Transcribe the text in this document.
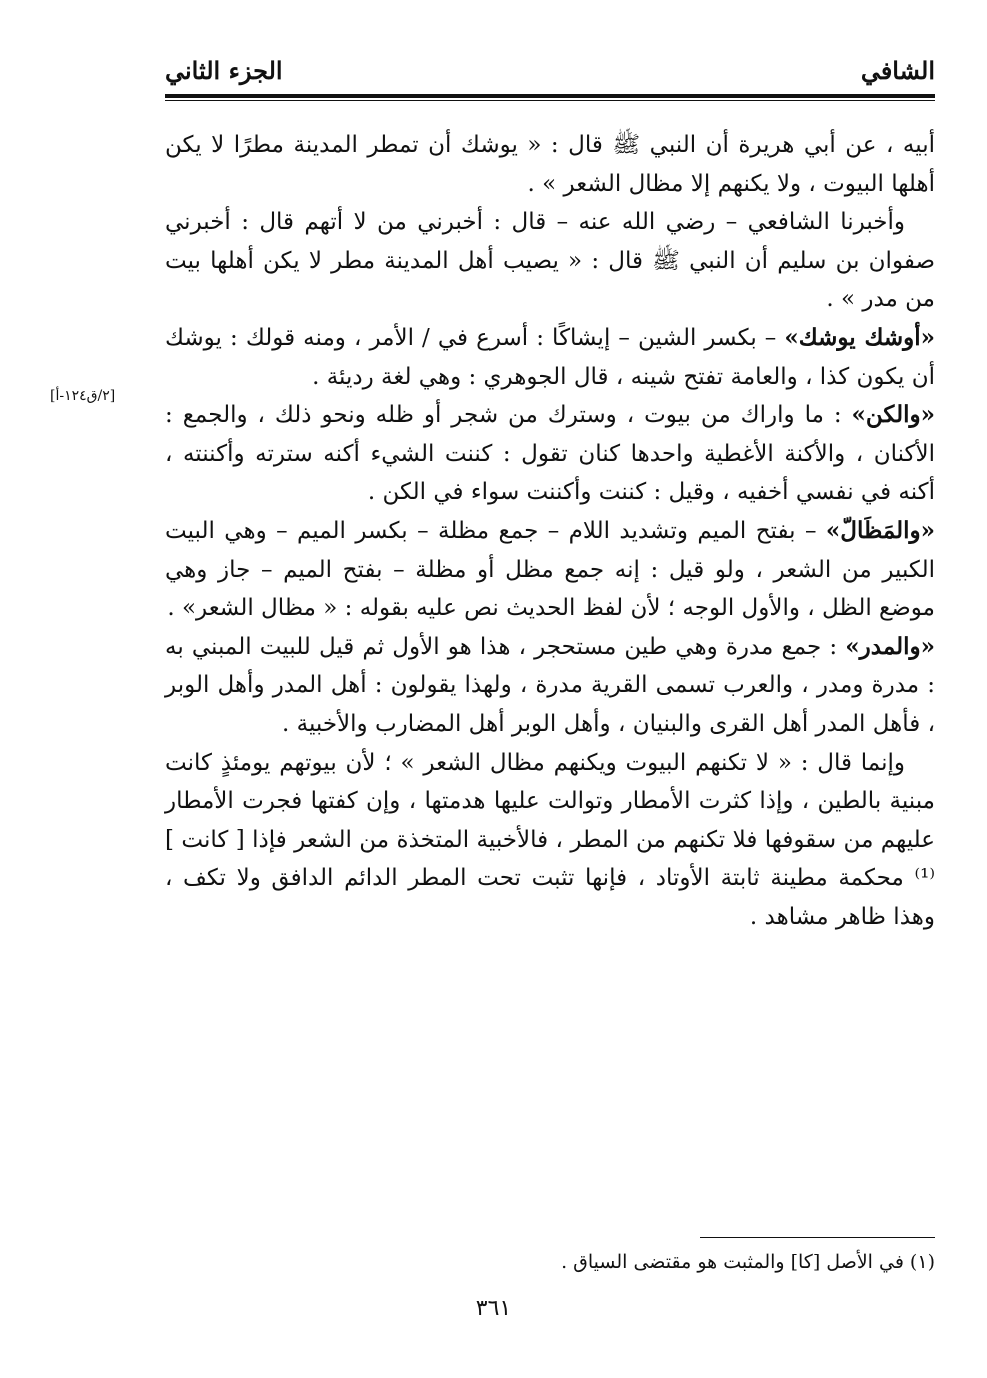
الشافي
الجزء الثاني
[٢/ق١٢٤-أ]

أبيه ، عن أبي هريرة أن النبي ﷺ قال : « يوشك أن تمطر المدينة مطرًا لا يكن أهلها البيوت ، ولا يكنهم إلا مظال الشعر » .

وأخبرنا الشافعي – رضي الله عنه – قال : أخبرني من لا أتهم قال : أخبرني صفوان بن سليم أن النبي ﷺ قال : « يصيب أهل المدينة مطر لا يكن أهلها بيت من مدر » .

«أوشك يوشك» – بكسر الشين – إيشاكًا : أسرع في / الأمر ، ومنه قولك : يوشك أن يكون كذا ، والعامة تفتح شينه ، قال الجوهري : وهي لغة رديئة .

«والكن» : ما واراك من بيوت ، وسترك من شجر أو ظله ونحو ذلك ، والجمع : الأكنان ، والأكنة الأغطية واحدها كنان تقول : كننت الشيء أكنه سترته وأكننته ، أكنه في نفسي أخفيه ، وقيل : كننت وأكننت سواء في الكن .

«والمَظَالّ» – بفتح الميم وتشديد اللام – جمع مظلة – بكسر الميم – وهي البيت الكبير من الشعر ، ولو قيل : إنه جمع مظل أو مظلة – بفتح الميم – جاز وهي موضع الظل ، والأول الوجه ؛ لأن لفظ الحديث نص عليه بقوله : « مظال الشعر» .

«والمدر» : جمع مدرة وهي طين مستحجر ، هذا هو الأول ثم قيل للبيت المبني به : مدرة ومدر ، والعرب تسمى القرية مدرة ، ولهذا يقولون : أهل المدر وأهل الوبر ، فأهل المدر أهل القرى والبنيان ، وأهل الوبر أهل المضارب والأخبية .

وإنما قال : « لا تكنهم البيوت ويكنهم مظال الشعر » ؛ لأن بيوتهم يومئذٍ كانت مبنية بالطين ، وإذا كثرت الأمطار وتوالت عليها هدمتها ، وإن كفتها فجرت الأمطار عليهم من سقوفها فلا تكنهم من المطر ، فالأخبية المتخذة من الشعر فإذا [ كانت ]⁽¹⁾ محكمة مطينة ثابتة الأوتاد ، فإنها تثبت تحت المطر الدائم الدافق ولا تكف ، وهذا ظاهر مشاهد .

(١) في الأصل [كا] والمثبت هو مقتضى السياق .
٣٦١
